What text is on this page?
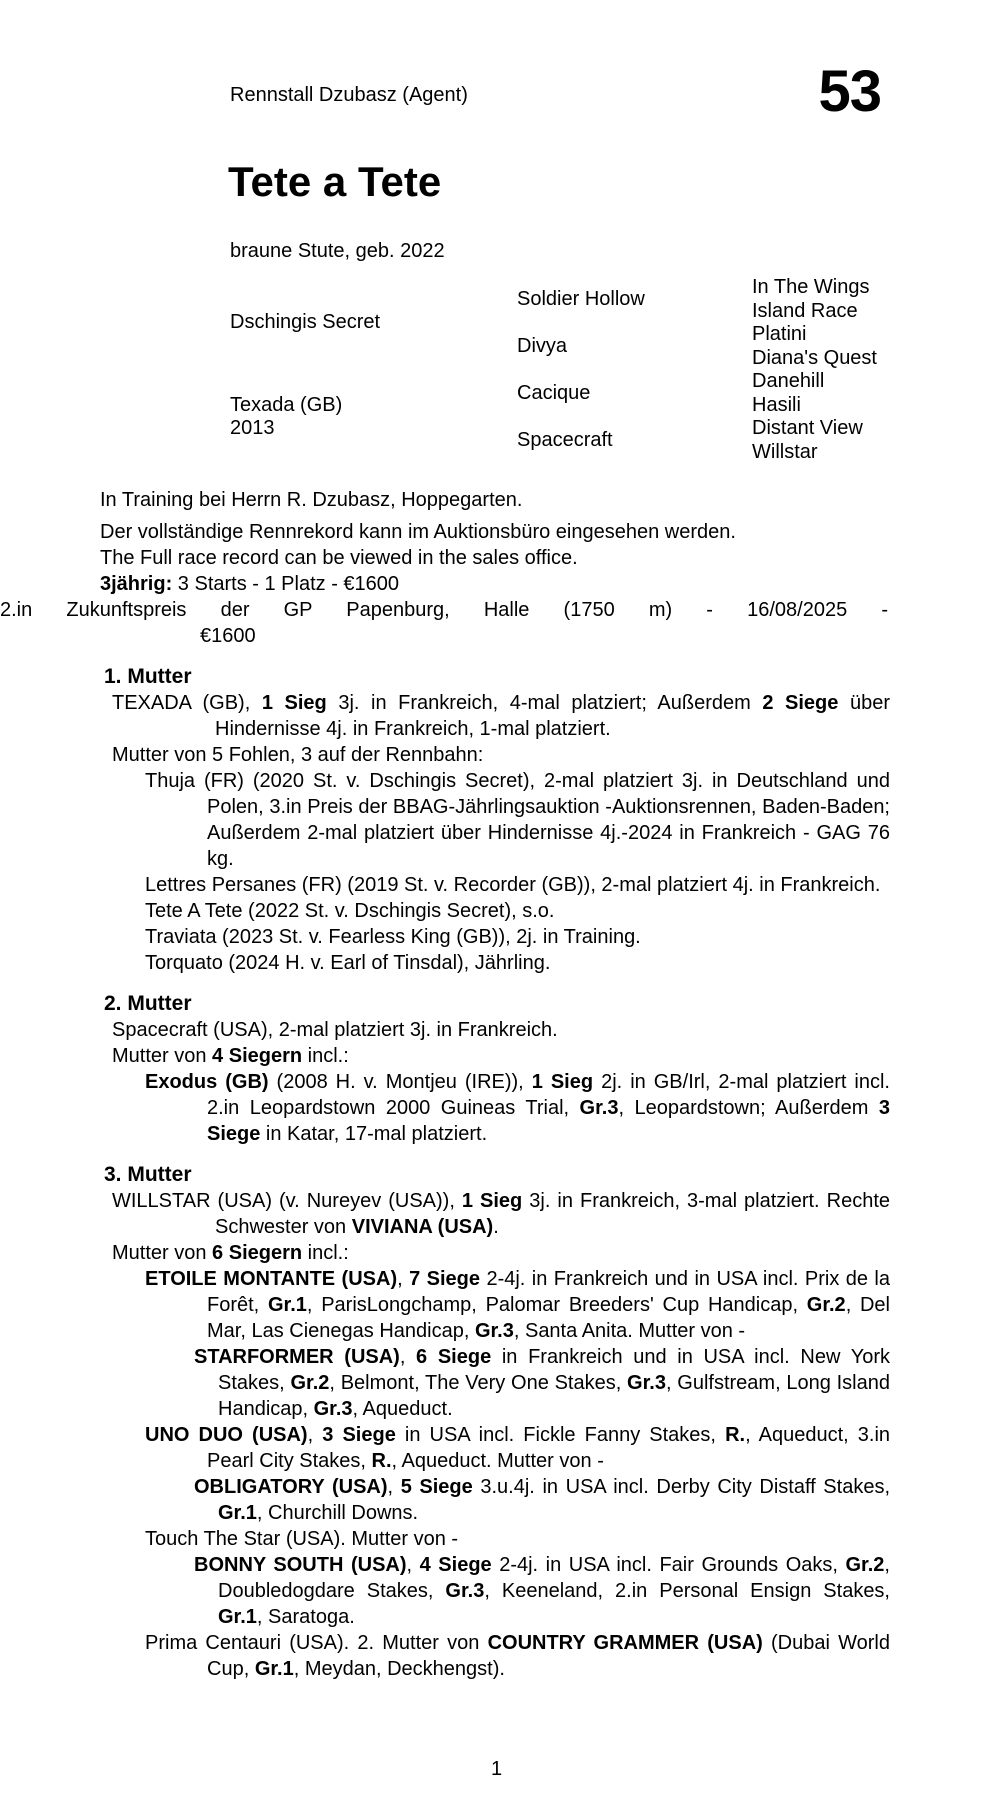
Rennstall Dzubasz (Agent)	53
Tete a Tete
braune Stute, geb. 2022
Dschingis Secret
Texada (GB)
2013
Soldier Hollow
Divya
Cacique
Spacecraft
In The Wings
Island Race
Platini
Diana's Quest
Danehill
Hasili
Distant View
Willstar
In Training bei Herrn R. Dzubasz, Hoppegarten.
Der vollständige Rennrekord kann im Auktionsbüro eingesehen werden.
The Full race record can be viewed in the sales office.
3jährig: 3 Starts - 1 Platz - €1600
2.in Zukunftspreis der GP Papenburg, Halle (1750 m) - 16/08/2025 -€1600
1. Mutter
TEXADA (GB), 1 Sieg 3j. in Frankreich, 4-mal platziert; Außerdem 2 Siege über Hindernisse 4j. in Frankreich, 1-mal platziert.
Mutter von 5 Fohlen, 3 auf der Rennbahn:
Thuja (FR) (2020 St. v. Dschingis Secret), 2-mal platziert 3j. in Deutschland und Polen, 3.in Preis der BBAG-Jährlingsauktion -Auktionsrennen, Baden-Baden; Außerdem 2-mal platziert über Hindernisse 4j.-2024 in Frankreich - GAG 76 kg.
Lettres Persanes (FR) (2019 St. v. Recorder (GB)), 2-mal platziert 4j. in Frankreich.
Tete A Tete (2022 St. v. Dschingis Secret), s.o.
Traviata (2023 St. v. Fearless King (GB)), 2j. in Training.
Torquato (2024 H. v. Earl of Tinsdal), Jährling.
2. Mutter
Spacecraft (USA), 2-mal platziert 3j. in Frankreich.
Mutter von 4 Siegern incl.:
Exodus (GB) (2008 H. v. Montjeu (IRE)), 1 Sieg 2j. in GB/Irl, 2-mal platziert incl. 2.in Leopardstown 2000 Guineas Trial, Gr.3, Leopardstown; Außerdem 3 Siege in Katar, 17-mal platziert.
3. Mutter
WILLSTAR (USA) (v. Nureyev (USA)), 1 Sieg 3j. in Frankreich, 3-mal platziert. Rechte Schwester von VIVIANA (USA).
Mutter von 6 Siegern incl.:
ETOILE MONTANTE (USA), 7 Siege 2-4j. in Frankreich und in USA incl. Prix de la Forêt, Gr.1, ParisLongchamp, Palomar Breeders' Cup Handicap, Gr.2, Del Mar, Las Cienegas Handicap, Gr.3, Santa Anita. Mutter von -
STARFORMER (USA), 6 Siege in Frankreich und in USA incl. New York Stakes, Gr.2, Belmont, The Very One Stakes, Gr.3, Gulfstream, Long Island Handicap, Gr.3, Aqueduct.
UNO DUO (USA), 3 Siege in USA incl. Fickle Fanny Stakes, R., Aqueduct, 3.in Pearl City Stakes, R., Aqueduct. Mutter von -
OBLIGATORY (USA), 5 Siege 3.u.4j. in USA incl. Derby City Distaff Stakes, Gr.1, Churchill Downs.
Touch The Star (USA). Mutter von -
BONNY SOUTH (USA), 4 Siege 2-4j. in USA incl. Fair Grounds Oaks, Gr.2, Doubledogdare Stakes, Gr.3, Keeneland, 2.in Personal Ensign Stakes, Gr.1, Saratoga.
Prima Centauri (USA). 2. Mutter von COUNTRY GRAMMER (USA) (Dubai World Cup, Gr.1, Meydan, Deckhengst).
1
